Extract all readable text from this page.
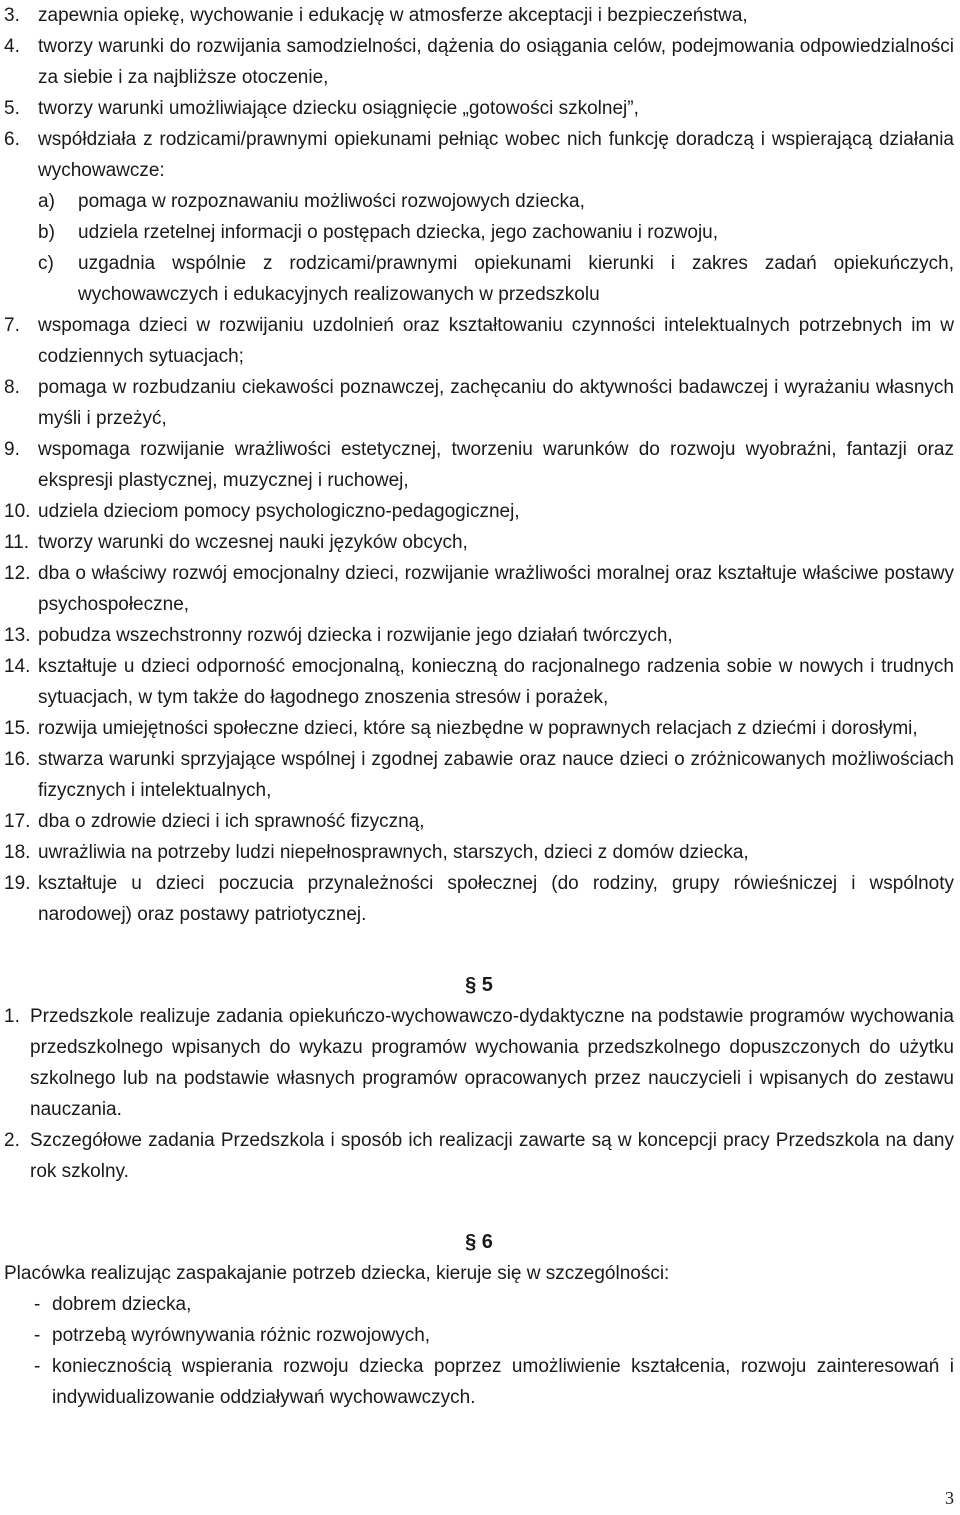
3. zapewnia opiekę, wychowanie i edukację w atmosferze akceptacji i bezpieczeństwa,
4. tworzy warunki do rozwijania samodzielności, dążenia do osiągania celów, podejmowania odpowiedzialności za siebie i za najbliższe otoczenie,
5. tworzy warunki umożliwiające dziecku osiągnięcie „gotowości szkolnej”,
6. współdziała z rodzicami/prawnymi opiekunami pełniąc wobec nich funkcję doradczą i wspierającą działania wychowawcze:
a)	pomaga w rozpoznawaniu możliwości rozwojowych dziecka,
b)	udziela rzetelnej informacji o postępach dziecka, jego zachowaniu i rozwoju,
c)	uzgadnia wspólnie z rodzicami/prawnymi opiekunami kierunki i zakres zadań opiekuńczych, wychowawczych i edukacyjnych realizowanych w przedszkolu
7. wspomaga dzieci w rozwijaniu uzdolnień oraz kształtowaniu czynności intelektualnych potrzebnych im w codziennych sytuacjach;
8. pomaga w rozbudzaniu ciekawości poznawczej, zachęcaniu do aktywności badawczej i wyrażaniu własnych myśli i przeżyć,
9. wspomaga rozwijanie wrażliwości estetycznej, tworzeniu warunków do rozwoju wyobraźni, fantazji oraz ekspresji plastycznej, muzycznej i ruchowej,
10. udziela dzieciom pomocy psychologiczno-pedagogicznej,
11. tworzy warunki do wczesnej nauki języków obcych,
12. dba o właściwy rozwój emocjonalny dzieci, rozwijanie wrażliwości moralnej oraz kształtuje właściwe postawy psychospołeczne,
13. pobudza wszechstronny rozwój dziecka i rozwijanie jego działań twórczych,
14. kształtuje u dzieci odporność emocjonalną, konieczną do racjonalnego radzenia sobie w nowych i trudnych sytuacjach, w tym także do łagodnego znoszenia stresów i porażek,
15. rozwija umiejętności społeczne dzieci, które są niezbędne w poprawnych relacjach z dziećmi i dorosłymi,
16. stwarza warunki sprzyjające wspólnej i zgodnej zabawie oraz nauce dzieci o zróżnicowanych możliwościach fizycznych i intelektualnych,
17. dba o zdrowie dzieci i ich sprawność fizyczną,
18. uwrażliwia na potrzeby ludzi niepełnosprawnych, starszych, dzieci z domów dziecka,
19. kształtuje u dzieci poczucia przynależności społecznej (do rodziny, grupy rówieśniczej i wspólnoty narodowej) oraz postawy patriotycznej.
§ 5
1. Przedszkole realizuje zadania opiekuńczo-wychowawczo-dydaktyczne na podstawie programów wychowania przedszkolnego wpisanych do wykazu programów wychowania przedszkolnego dopuszczonych do użytku szkolnego lub na podstawie własnych programów opracowanych przez nauczycieli i wpisanych do zestawu nauczania.
2. Szczegółowe zadania Przedszkola i sposób ich realizacji zawarte są w koncepcji pracy Przedszkola na dany rok szkolny.
§ 6
Placówka realizując zaspakajanie potrzeb dziecka, kieruje się w szczególności:
- dobrem dziecka,
- potrzebą wyrównywania różnic rozwojowych,
- koniecznością wspierania rozwoju dziecka poprzez umożliwienie kształcenia, rozwoju zainteresowań i indywidualizowanie oddziaływań wychowawczych.
3
